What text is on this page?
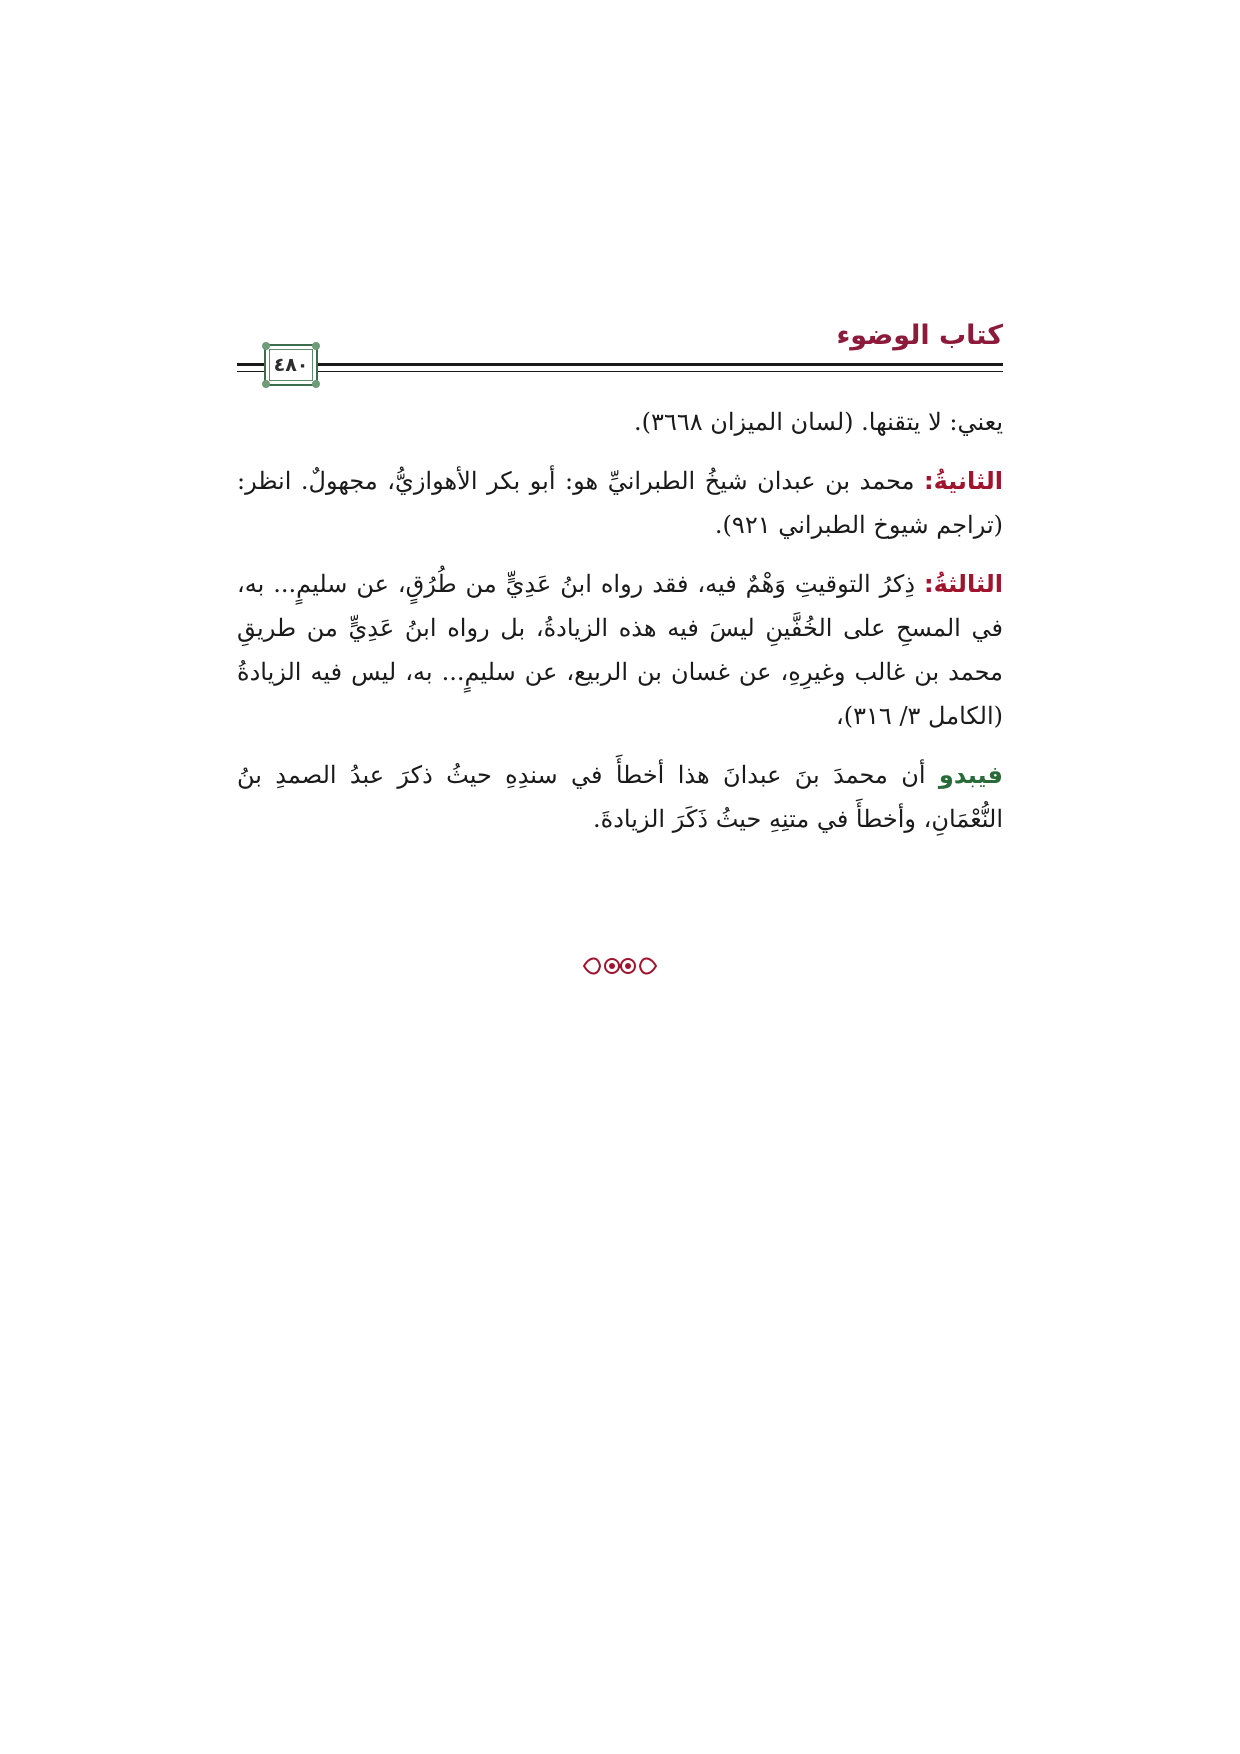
كتاب الوضوء
٤٨٠

يعني: لا يتقنها. (لسان الميزان ٣٦٦٨).

الثانيةُ: محمد بن عبدان شيخُ الطبرانيِّ هو: أبو بكر الأهوازيُّ، مجهولٌ. انظر: (تراجم شيوخ الطبراني ٩٢١).

الثالثةُ: ذِكرُ التوقيتِ وَهْمٌ فيه، فقد رواه ابنُ عَدِيٍّ من طُرُقٍ، عن سليمٍ... به، في المسحِ على الخُفَّينِ ليسَ فيه هذه الزيادةُ، بل رواه ابنُ عَدِيٍّ من طريقِ محمد بن غالب وغيرِهِ، عن غسان بن الربيع، عن سليمٍ... به، ليس فيه الزيادةُ (الكامل ٣/ ٣١٦)،

فيبدو أن محمدَ بنَ عبدانَ هذا أخطأَ في سندِهِ حيثُ ذكرَ عبدُ الصمدِ بنُ النُّعْمَانِ، وأخطأَ في متنِهِ حيثُ ذَكَرَ الزيادةَ.
